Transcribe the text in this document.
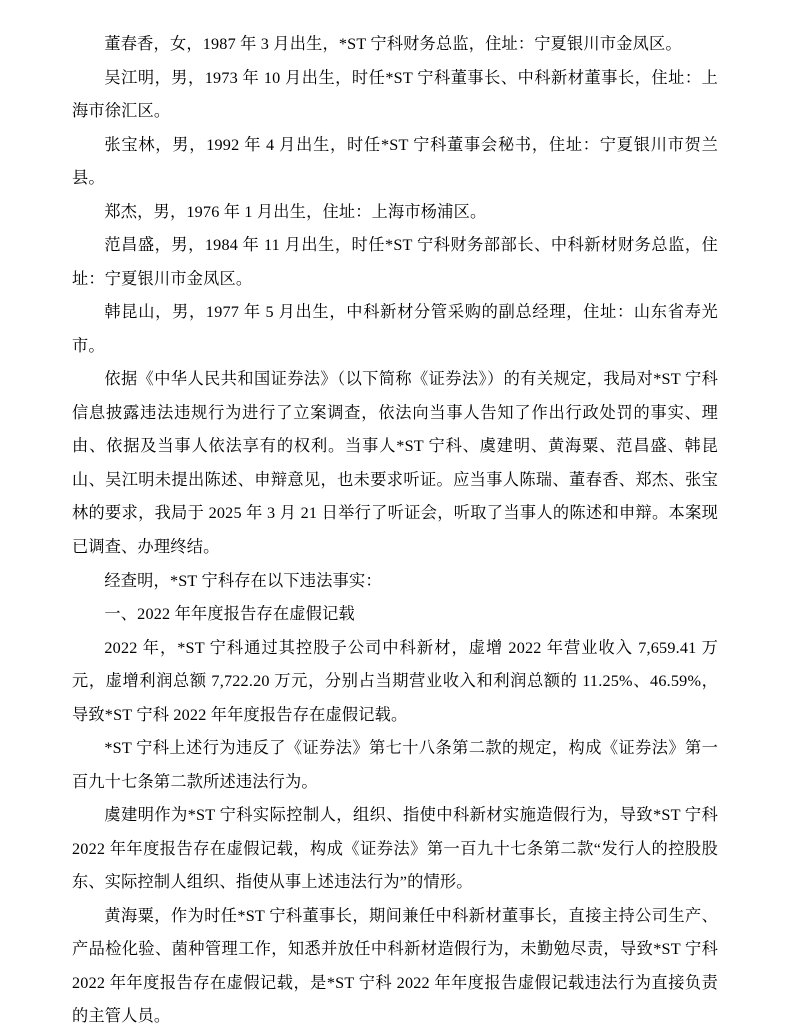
董春香，女，1987 年 3 月出生，*ST 宁科财务总监，住址：宁夏银川市金凤区。

吴江明，男，1973 年 10 月出生，时任*ST 宁科董事长、中科新材董事长，住址：上海市徐汇区。

张宝林，男，1992 年 4 月出生，时任*ST 宁科董事会秘书，住址：宁夏银川市贺兰县。

郑杰，男，1976 年 1 月出生，住址：上海市杨浦区。

范昌盛，男，1984 年 11 月出生，时任*ST 宁科财务部部长、中科新材财务总监，住址：宁夏银川市金凤区。

韩昆山，男，1977 年 5 月出生，中科新材分管采购的副总经理，住址：山东省寿光市。

依据《中华人民共和国证券法》（以下简称《证券法》）的有关规定，我局对*ST 宁科信息披露违法违规行为进行了立案调查，依法向当事人告知了作出行政处罚的事实、理由、依据及当事人依法享有的权利。当事人*ST 宁科、虞建明、黄海粟、范昌盛、韩昆山、吴江明未提出陈述、申辩意见，也未要求听证。应当事人陈瑞、董春香、郑杰、张宝林的要求，我局于 2025 年 3 月 21 日举行了听证会，听取了当事人的陈述和申辩。本案现已调查、办理终结。

经查明，*ST 宁科存在以下违法事实：

一、2022 年年度报告存在虚假记载

2022 年，*ST 宁科通过其控股子公司中科新材，虚增 2022 年营业收入 7,659.41 万元，虚增利润总额 7,722.20 万元，分别占当期营业收入和利润总额的 11.25%、46.59%，导致*ST 宁科 2022 年年度报告存在虚假记载。

*ST 宁科上述行为违反了《证券法》第七十八条第二款的规定，构成《证券法》第一百九十七条第二款所述违法行为。

虞建明作为*ST 宁科实际控制人，组织、指使中科新材实施造假行为，导致*ST 宁科 2022 年年度报告存在虚假记载，构成《证券法》第一百九十七条第二款“发行人的控股股东、实际控制人组织、指使从事上述违法行为”的情形。

黄海粟，作为时任*ST 宁科董事长，期间兼任中科新材董事长，直接主持公司生产、产品检化验、菌种管理工作，知悉并放任中科新材造假行为，未勤勉尽责，导致*ST 宁科 2022 年年度报告存在虚假记载，是*ST 宁科 2022 年年度报告虚假记载违法行为直接负责的主管人员。
